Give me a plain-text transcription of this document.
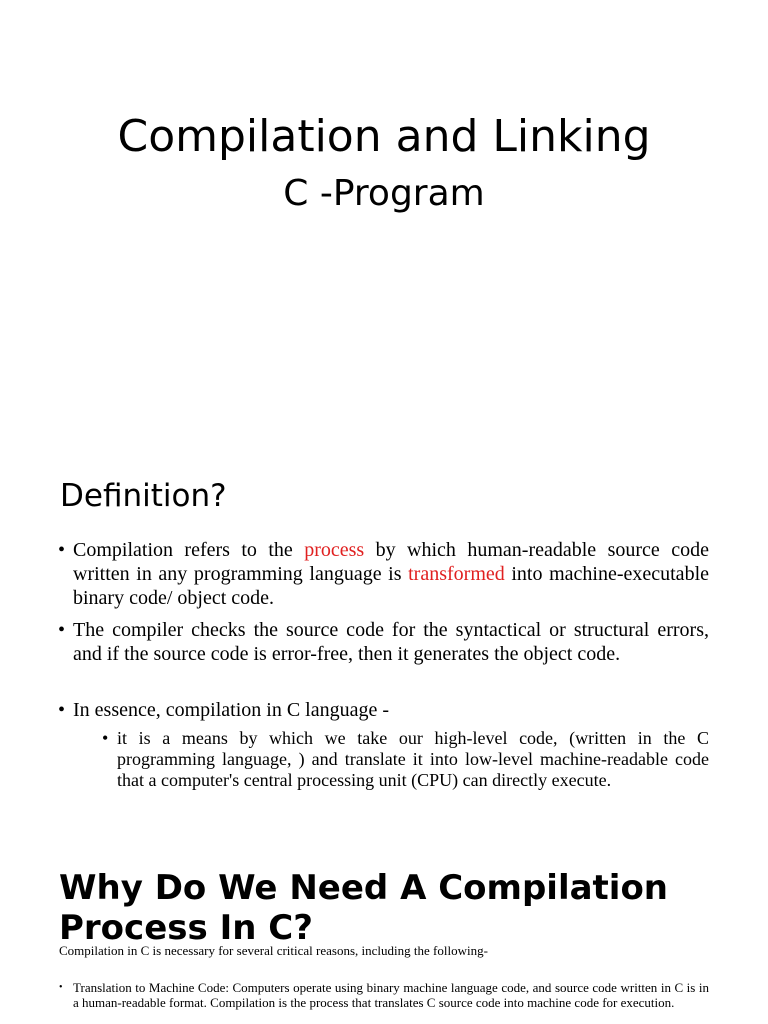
Compilation and Linking
C -Program
Definition?
• Compilation refers to the process by which human-readable source code written in any programming language is transformed into machine-executable binary code/ object code.
• The compiler checks the source code for the syntactical or structural errors, and if the source code is error-free, then it generates the object code.
• In essence, compilation in C language -
• it is a means by which we take our high-level code, (written in the C programming language, ) and translate it into low-level machine-readable code that a computer's central processing unit (CPU) can directly execute.
Why Do We Need A Compilation Process In C?

Compilation in C is necessary for several critical reasons, including the following-

• Translation to Machine Code: Computers operate using binary machine language code, and source code written in C is in a human-readable format. Compilation is the process that translates C source code into machine code for execution.
